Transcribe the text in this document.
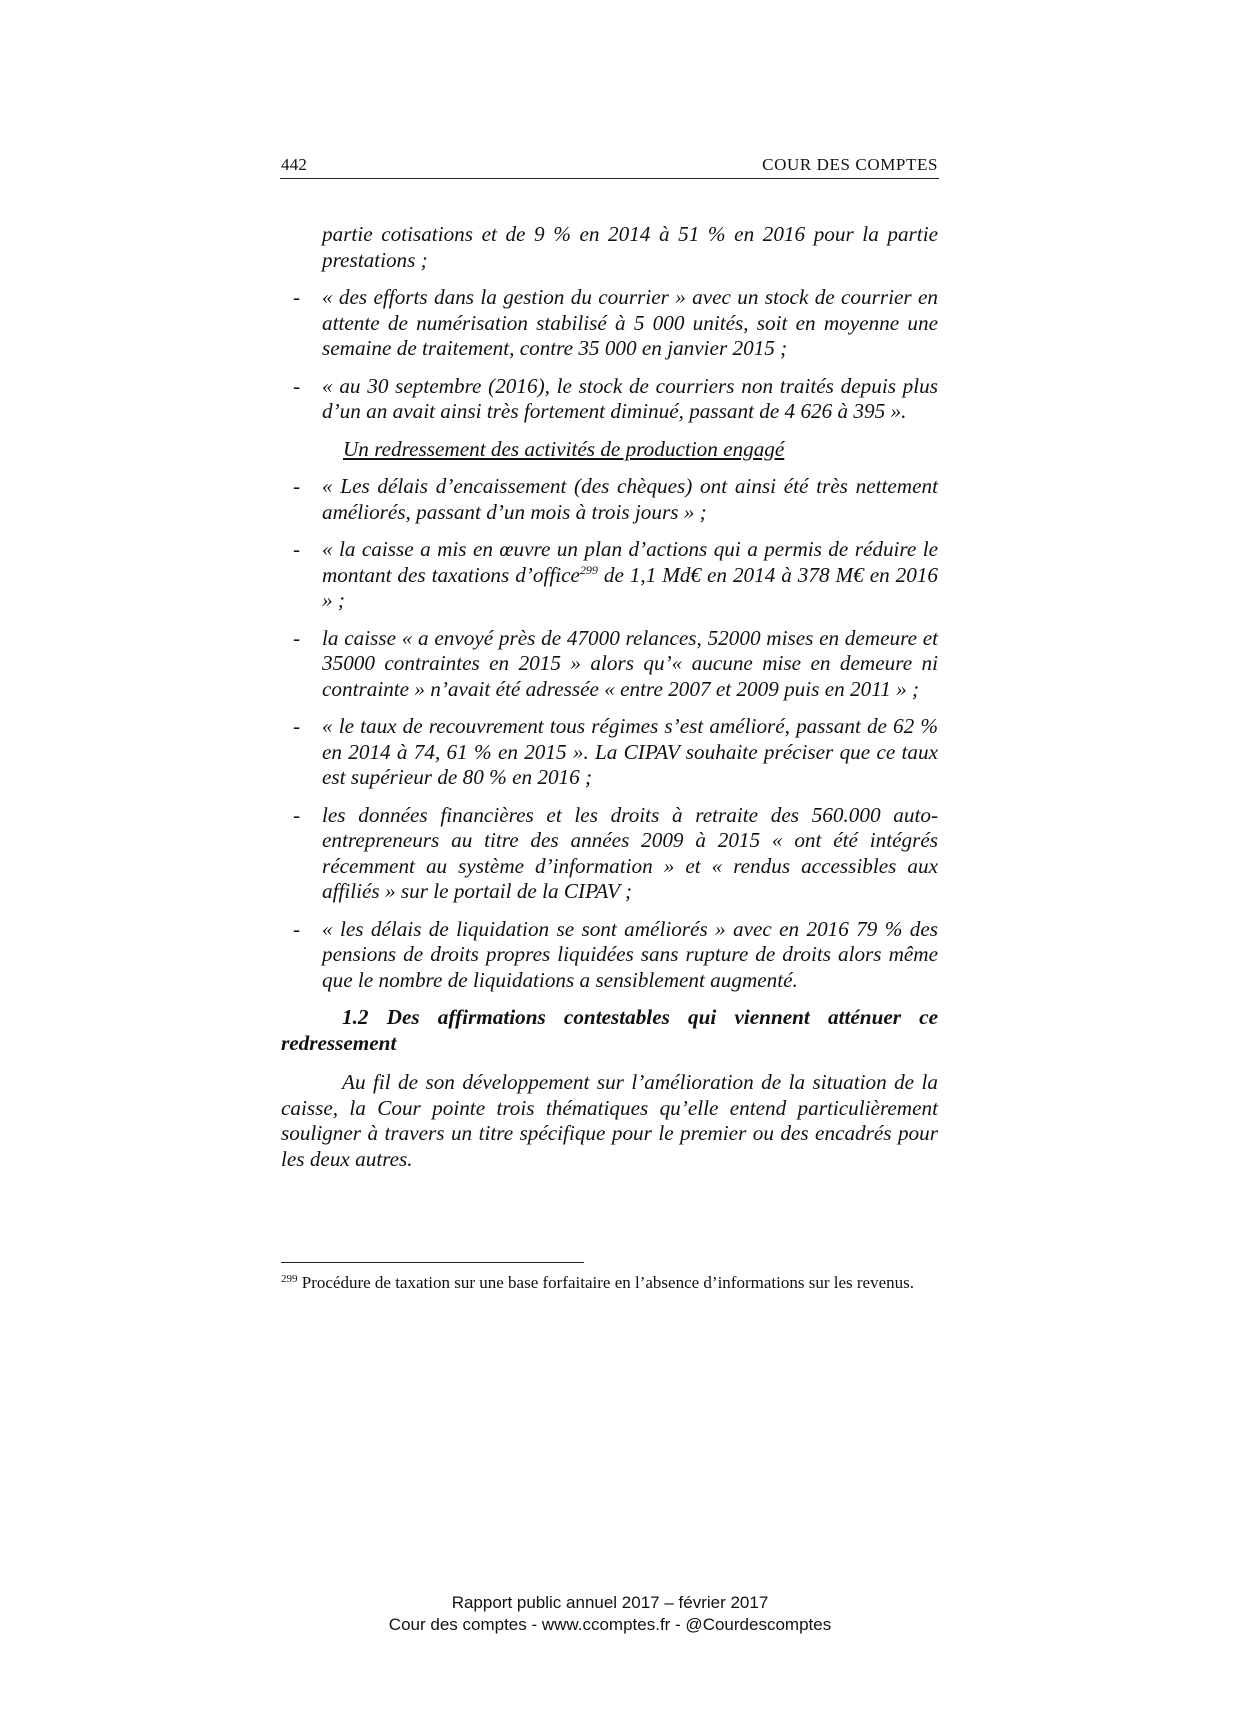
442	COUR DES COMPTES

partie cotisations et de 9 % en 2014 à 51 % en 2016 pour la partie prestations ;

- « des efforts dans la gestion du courrier » avec un stock de courrier en attente de numérisation stabilisé à 5 000 unités, soit en moyenne une semaine de traitement, contre 35 000 en janvier 2015 ;
- « au 30 septembre (2016), le stock de courriers non traités depuis plus d’un an avait ainsi très fortement diminué, passant de 4 626 à 395 ».

Un redressement des activités de production engagé

- « Les délais d’encaissement (des chèques) ont ainsi été très nettement améliorés, passant d’un mois à trois jours » ;
- « la caisse a mis en œuvre un plan d’actions qui a permis de réduire le montant des taxations d’office$^{299}$ de 1,1 Md€ en 2014 à 378 M€ en 2016 » ;
- la caisse « a envoyé près de 47000 relances, 52000 mises en demeure et 35000 contraintes en 2015 » alors qu’« aucune mise en demeure ni contrainte » n’avait été adressée « entre 2007 et 2009 puis en 2011 » ;
- « le taux de recouvrement tous régimes s’est amélioré, passant de 62 % en 2014 à 74, 61 % en 2015 ». La CIPAV souhaite préciser que ce taux est supérieur de 80 % en 2016 ;
- les données financières et les droits à retraite des 560.000 auto-entrepreneurs au titre des années 2009 à 2015 « ont été intégrés récemment au système d’information » et « rendus accessibles aux affiliés » sur le portail de la CIPAV ;
- « les délais de liquidation se sont améliorés » avec en 2016 79 % des pensions de droits propres liquidées sans rupture de droits alors même que le nombre de liquidations a sensiblement augmenté.

1.2 Des affirmations contestables qui viennent atténuer ce redressement

Au fil de son développement sur l’amélioration de la situation de la caisse, la Cour pointe trois thématiques qu’elle entend particulièrement souligner à travers un titre spécifique pour le premier ou des encadrés pour les deux autres.

$^{299}$ Procédure de taxation sur une base forfaitaire en l’absence d’informations sur les revenus.
Rapport public annuel 2017 – février 2017
Cour des comptes - www.ccomptes.fr - @Courdescomptes
